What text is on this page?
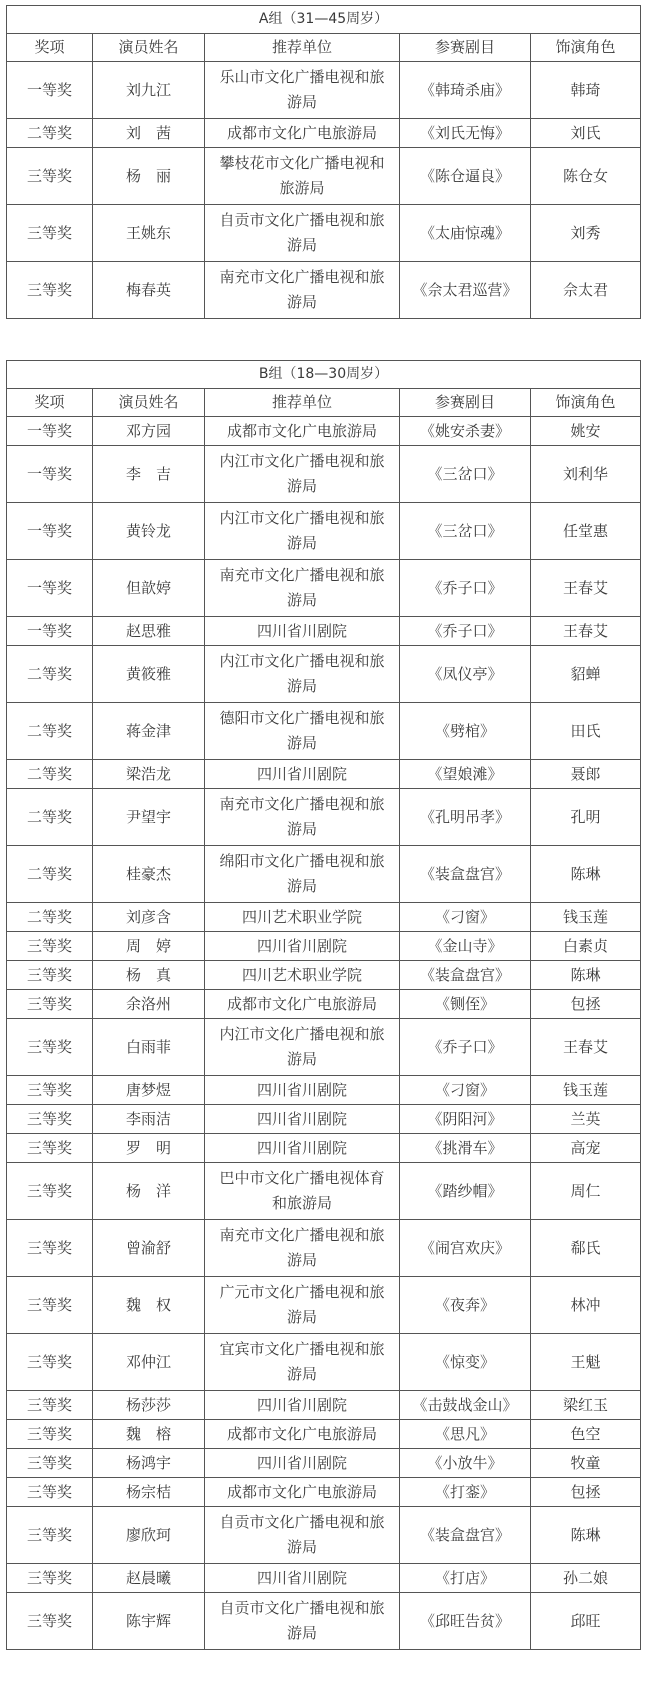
A组（31—45周岁）				
奖项	演员姓名	推荐单位	参赛剧目	饰演角色
一等奖	刘九江	乐山市文化广播电视和旅游局	《韩琦杀庙》	韩琦
二等奖	刘　茜	成都市文化广电旅游局	《刘氏无悔》	刘氏
三等奖	杨　丽	攀枝花市文化广播电视和旅游局	《陈仓逼良》	陈仓女
三等奖	王姚东	自贡市文化广播电视和旅游局	《太庙惊魂》	刘秀
三等奖	梅春英	南充市文化广播电视和旅游局	《佘太君巡营》	佘太君
B组（18—30周岁）				
奖项	演员姓名	推荐单位	参赛剧目	饰演角色
一等奖	邓方园	成都市文化广电旅游局	《姚安杀妻》	姚安
一等奖	李　吉	内江市文化广播电视和旅游局	《三岔口》	刘利华
一等奖	黄铃龙	内江市文化广播电视和旅游局	《三岔口》	任堂惠
一等奖	但歆婷	南充市文化广播电视和旅游局	《乔子口》	王春艾
一等奖	赵思雅	四川省川剧院	《乔子口》	王春艾
二等奖	黄筱雅	内江市文化广播电视和旅游局	《凤仪亭》	貂蝉
二等奖	蒋金津	德阳市文化广播电视和旅游局	《劈棺》	田氏
二等奖	梁浩龙	四川省川剧院	《望娘滩》	聂郎
二等奖	尹望宇	南充市文化广播电视和旅游局	《孔明吊孝》	孔明
二等奖	桂豪杰	绵阳市文化广播电视和旅游局	《装盒盘宫》	陈琳
二等奖	刘彦含	四川艺术职业学院	《刁窗》	钱玉莲
三等奖	周　婷	四川省川剧院	《金山寺》	白素贞
三等奖	杨　真	四川艺术职业学院	《装盒盘宫》	陈琳
三等奖	余洛州	成都市文化广电旅游局	《铡侄》	包拯
三等奖	白雨菲	内江市文化广播电视和旅游局	《乔子口》	王春艾
三等奖	唐梦煜	四川省川剧院	《刁窗》	钱玉莲
三等奖	李雨洁	四川省川剧院	《阴阳河》	兰英
三等奖	罗　明	四川省川剧院	《挑滑车》	高宠
三等奖	杨　洋	巴中市文化广播电视体育和旅游局	《踏纱帽》	周仁
三等奖	曾渝舒	南充市文化广播电视和旅游局	《闹宫欢庆》	郗氏
三等奖	魏　权	广元市文化广播电视和旅游局	《夜奔》	林冲
三等奖	邓仲江	宜宾市文化广播电视和旅游局	《惊变》	王魁
三等奖	杨莎莎	四川省川剧院	《击鼓战金山》	梁红玉
三等奖	魏　榕	成都市文化广电旅游局	《思凡》	色空
三等奖	杨鸿宇	四川省川剧院	《小放牛》	牧童
三等奖	杨宗桔	成都市文化广电旅游局	《打銮》	包拯
三等奖	廖欣珂	自贡市文化广播电视和旅游局	《装盒盘宫》	陈琳
三等奖	赵晨曦	四川省川剧院	《打店》	孙二娘
三等奖	陈宇辉	自贡市文化广播电视和旅游局	《邱旺告贫》	邱旺
